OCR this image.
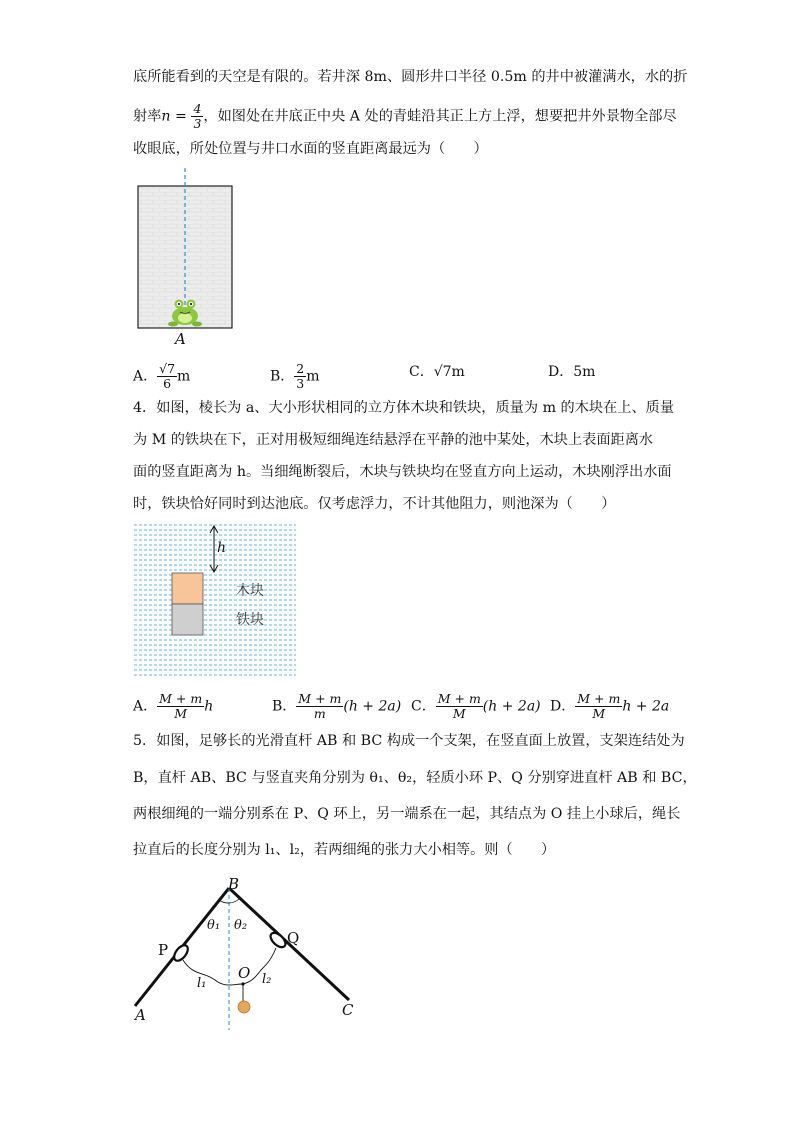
底所能看到的天空是有限的。若井深 8m、圆形井口半径 0.5m 的井中被灌满水，水的折
射率$n = \frac{4}{3}$ ，如图处在井底正中央 A 处的青蛙沿其正上方上浮，想要把井外景物全部尽
收眼底，所处位置与井口水面的竖直距离最远为（　　）
A
A． $\frac{√7}{6}$ m	B． $\frac{2}{3}$ m	C．√7m	D．5m
4．如图，棱长为 a、大小形状相同的立方体木块和铁块，质量为 m 的木块在上、质量
为 M 的铁块在下，正对用极短细绳连结悬浮在平静的池中某处，木块上表面距离水
面的竖直距离为 h。当细绳断裂后，木块与铁块均在竖直方向上运动，木块刚浮出水面
时，铁块恰好同时到达池底。仅考虑浮力，不计其他阻力，则池深为（　　）
h
木块
铁块
A． $\frac{M + m}{M}$ h	B． $\frac{M + m}{m} (h + 2a)$ C． $\frac{M + m}{M} (h + 2a)$ D． $\frac{M + m}{M}$ h + 2a
5．如图，足够长的光滑直杆 AB 和 BC 构成一个支架，在竖直面上放置，支架连结处为
B，直杆 AB、BC 与竖直夹角分别为 θ₁、θ₂，轻质小环 P、Q 分别穿进直杆 AB 和 BC，
两根细绳的一端分别系在 P、Q 环上，另一端系在一起，其结点为 O 挂上小球后，绳长
拉直后的长度分别为 l₁、l₂，若两细绳的张力大小相等。则（　　）
B
P
Q
O
A	C
θ₁ θ₂
l₁	l₂
